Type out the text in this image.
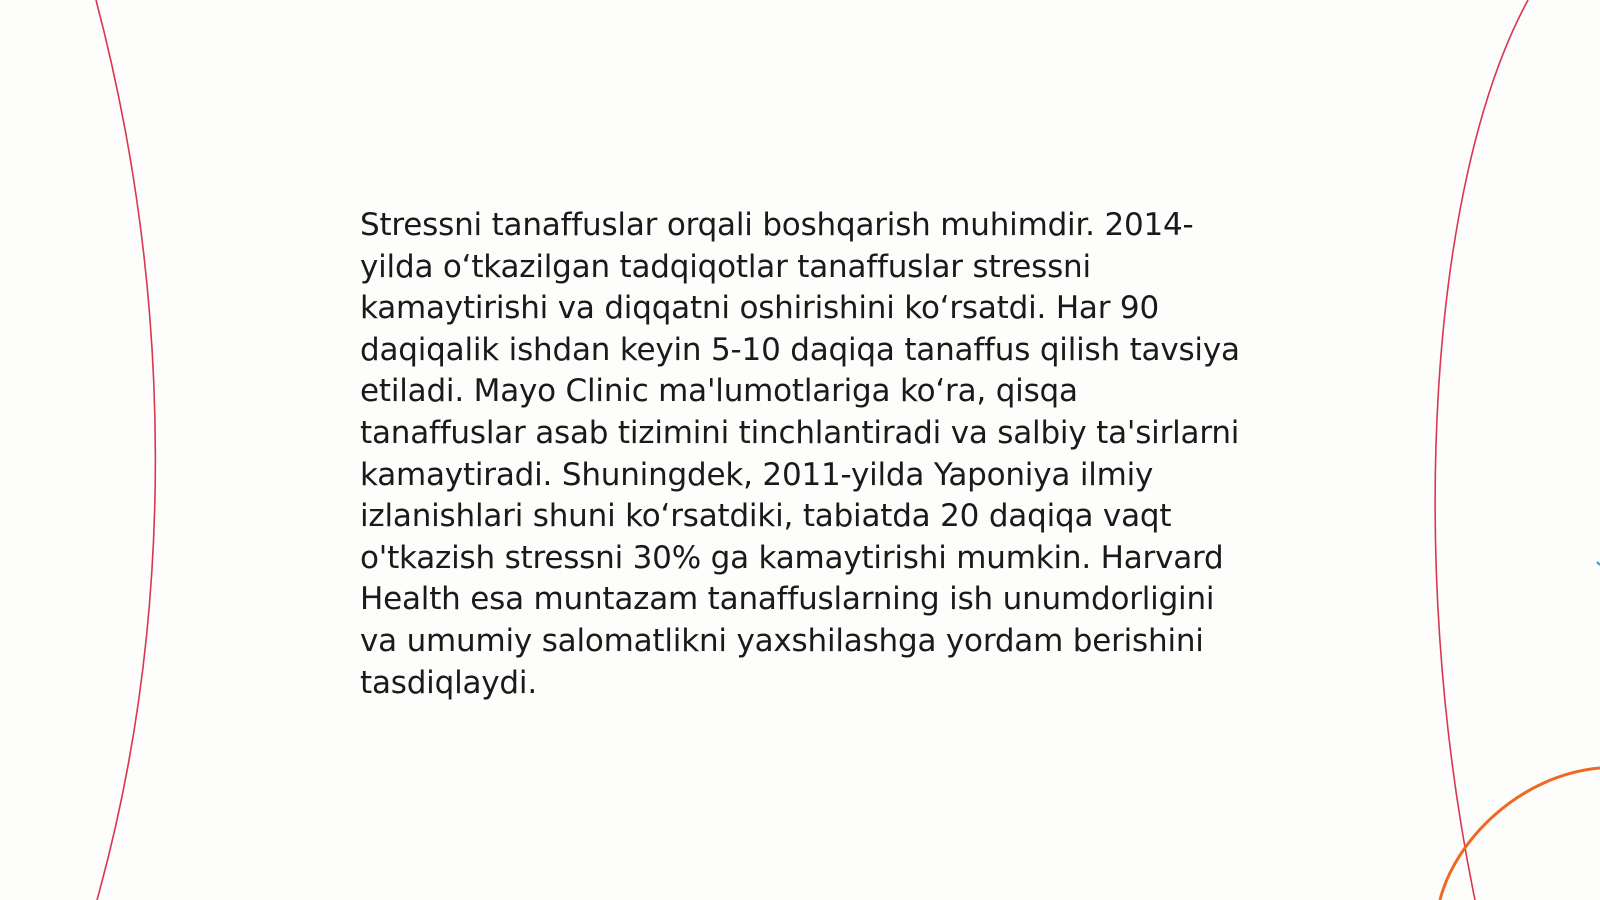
Stressni tanaffuslar orqali boshqarish muhimdir. 2014-yilda o‘tkazilgan tadqiqotlar tanaffuslar stressni kamaytirishi va diqqatni oshirishini ko‘rsatdi. Har 90 daqiqalik ishdan keyin 5-10 daqiqa tanaffus qilish tavsiya etiladi. Mayo Clinic ma'lumotlariga ko‘ra, qisqa tanaffuslar asab tizimini tinchlantiradi va salbiy ta'sirlarni kamaytiradi. Shuningdek, 2011-yilda Yaponiya ilmiy izlanishlari shuni ko‘rsatdiki, tabiatda 20 daqiqa vaqt o'tkazish stressni 30% ga kamaytirishi mumkin. Harvard Health esa muntazam tanaffuslarning ish unumdorligini va umumiy salomatlikni yaxshilashga yordam berishini tasdiqlaydi.
